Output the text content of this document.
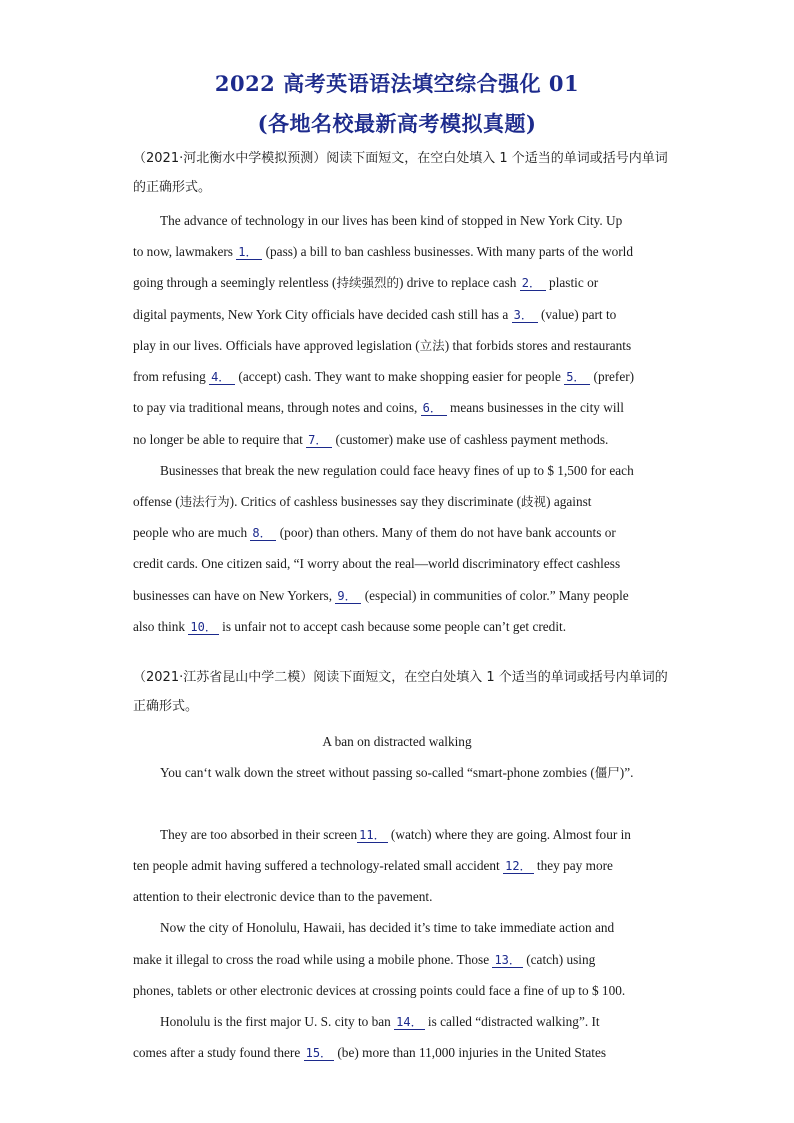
2022 高考英语语法填空综合强化 01
(各地名校最新高考模拟真题)
（2021·河北衡水中学模拟预测）阅读下面短文，在空白处填入 1 个适当的单词或括号内单词的正确形式。
The advance of technology in our lives has been kind of stopped in New York City. Up
to now, lawmakers 1． (pass) a bill to ban cashless businesses. With many parts of the world
going through a seemingly relentless (持续强烈的) drive to replace cash 2． plastic or
digital payments, New York City officials have decided cash still has a 3． (value) part to
play in our lives. Officials have approved legislation (立法) that forbids stores and restaurants
from refusing 4． (accept) cash. They want to make shopping easier for people 5． (prefer)
to pay via traditional means, through notes and coins, 6． means businesses in the city will
no longer be able to require that 7． (customer) make use of cashless payment methods.
Businesses that break the new regulation could face heavy fines of up to $ 1,500 for each
offense (违法行为). Critics of cashless businesses say they discriminate (歧视) against
people who are much 8． (poor) than others. Many of them do not have bank accounts or
credit cards. One citizen said, “I worry about the real—world discriminatory effect cashless
businesses can have on New Yorkers, 9． (especial) in communities of color.” Many people
also think 10． is unfair not to accept cash because some people can’t get credit.
（2021·江苏省昆山中学二模）阅读下面短文，在空白处填入 1 个适当的单词或括号内单词的正确形式。
A ban on distracted walking
You can‘t walk down the street without passing so-called “smart-phone zombies (僵尸)”.
They are too absorbed in their screen 11． (watch) where they are going. Almost four in
ten people admit having suffered a technology-related small accident 12． they pay more
attention to their electronic device than to the pavement.
Now the city of Honolulu, Hawaii, has decided it’s time to take immediate action and
make it illegal to cross the road while using a mobile phone. Those 13． (catch) using
phones, tablets or other electronic devices at crossing points could face a fine of up to $ 100.
Honolulu is the first major U. S. city to ban 14． is called “distracted walking”. It
comes after a study found there 15． (be) more than 11,000 injuries in the United States
